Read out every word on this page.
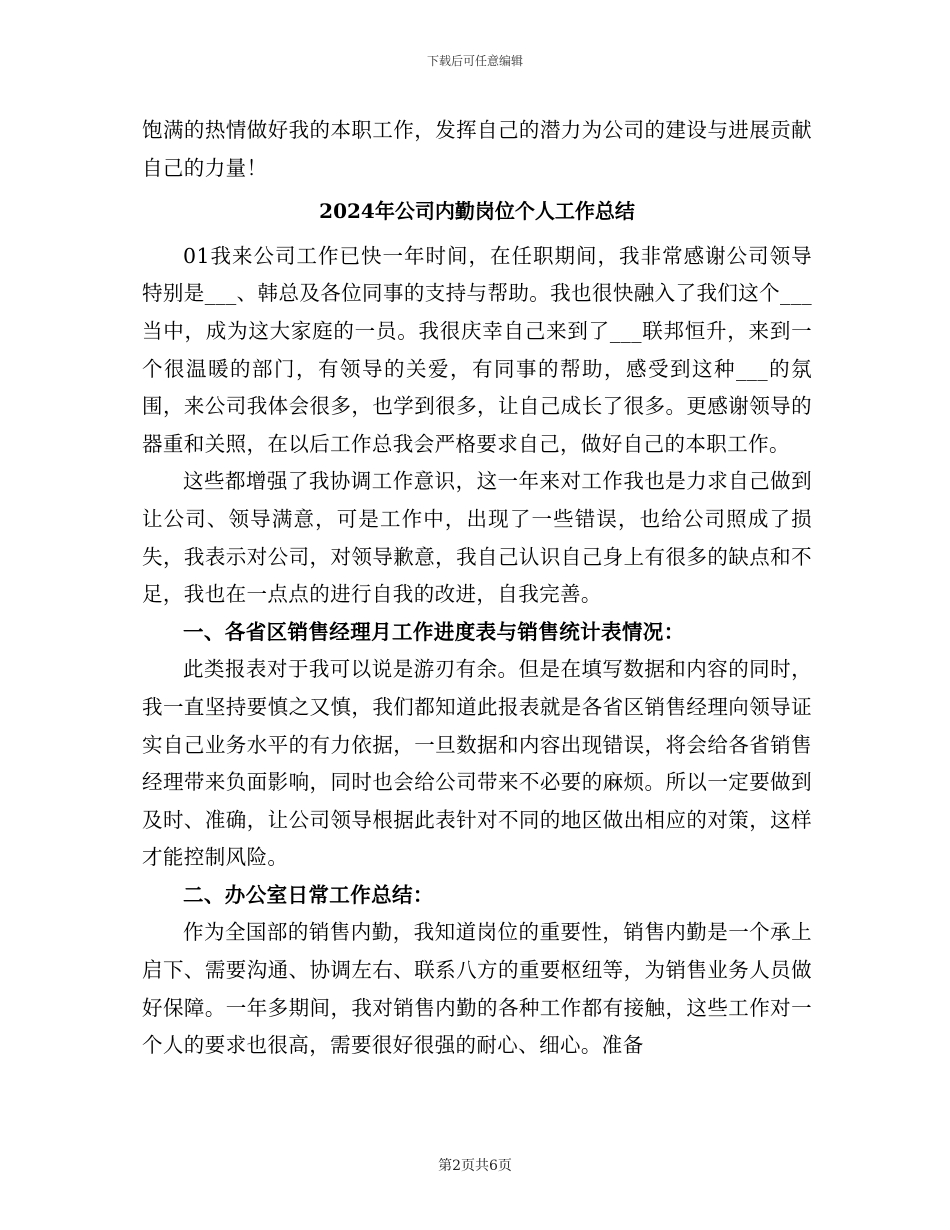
下载后可任意编辑

饱满的热情做好我的本职工作，发挥自己的潜力为公司的建设与进展贡献自己的力量！

2024年公司内勤岗位个人工作总结

01我来公司工作已快一年时间，在任职期间，我非常感谢公司领导特别是___、韩总及各位同事的支持与帮助。我也很快融入了我们这个___当中，成为这大家庭的一员。我很庆幸自己来到了___联邦恒升，来到一个很温暖的部门，有领导的关爱，有同事的帮助，感受到这种___的氛围，来公司我体会很多，也学到很多，让自己成长了很多。更感谢领导的器重和关照，在以后工作总我会严格要求自己，做好自己的本职工作。

这些都增强了我协调工作意识，这一年来对工作我也是力求自己做到让公司、领导满意，可是工作中，出现了一些错误，也给公司照成了损失，我表示对公司，对领导歉意，我自己认识自己身上有很多的缺点和不足，我也在一点点的进行自我的改进，自我完善。

一、各省区销售经理月工作进度表与销售统计表情况：

此类报表对于我可以说是游刃有余。但是在填写数据和内容的同时，我一直坚持要慎之又慎，我们都知道此报表就是各省区销售经理向领导证实自己业务水平的有力依据，一旦数据和内容出现错误，将会给各省销售经理带来负面影响，同时也会给公司带来不必要的麻烦。所以一定要做到及时、准确，让公司领导根据此表针对不同的地区做出相应的对策，这样才能控制风险。

二、办公室日常工作总结：

作为全国部的销售内勤，我知道岗位的重要性，销售内勤是一个承上启下、需要沟通、协调左右、联系八方的重要枢纽等，为销售业务人员做好保障。一年多期间，我对销售内勤的各种工作都有接触，这些工作对一个人的要求也很高，需要很好很强的耐心、细心。准备

第2页共6页
